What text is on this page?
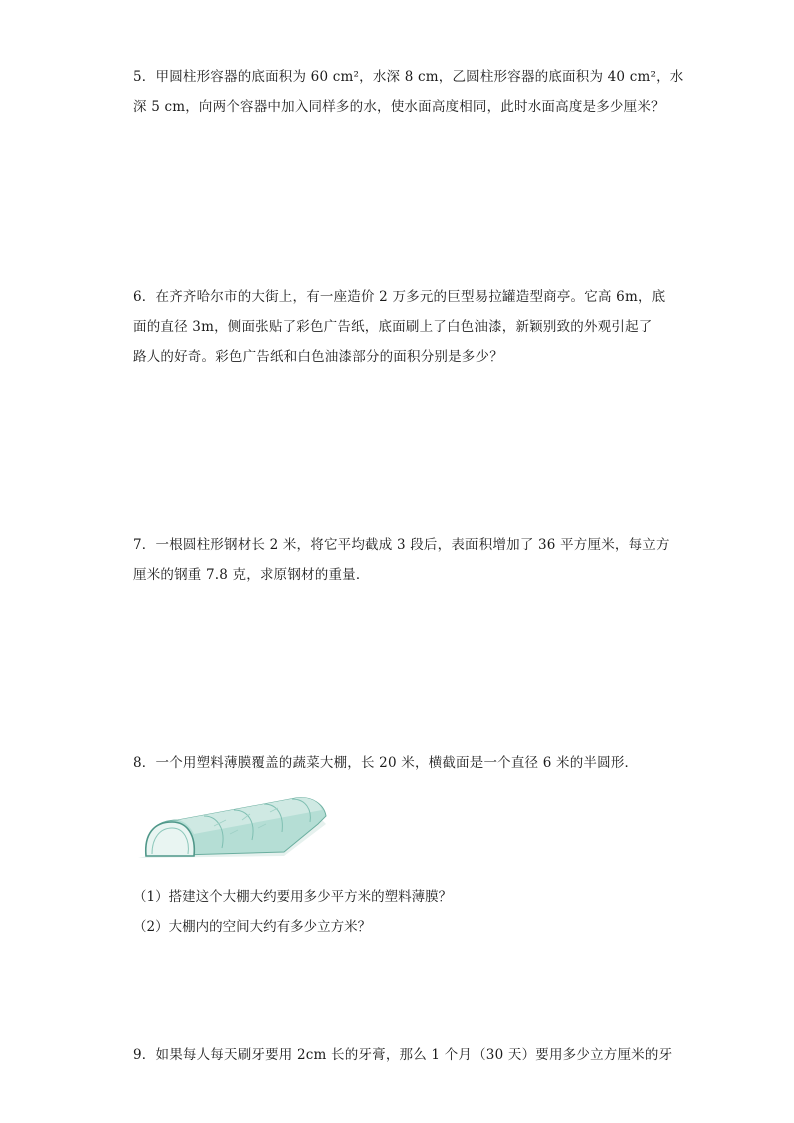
5．甲圆柱形容器的底面积为 60 cm²，水深 8 cm，乙圆柱形容器的底面积为 40 cm²，水

深 5 cm，向两个容器中加入同样多的水，使水面高度相同，此时水面高度是多少厘米？

6．在齐齐哈尔市的大街上，有一座造价 2 万多元的巨型易拉罐造型商亭。它高 6m，底

面的直径 3m，侧面张贴了彩色广告纸，底面刷上了白色油漆，新颖别致的外观引起了

路人的好奇。彩色广告纸和白色油漆部分的面积分别是多少？

7．一根圆柱形钢材长 2 米，将它平均截成 3 段后，表面积增加了 36 平方厘米，每立方

厘米的钢重 7.8 克，求原钢材的重量．

8．一个用塑料薄膜覆盖的蔬菜大棚，长 20 米，横截面是一个直径 6 米的半圆形．

（1）搭建这个大棚大约要用多少平方米的塑料薄膜？

（2）大棚内的空间大约有多少立方米？

9．如果每人每天刷牙要用 2cm 长的牙膏，那么 1 个月（30 天）要用多少立方厘米的牙
